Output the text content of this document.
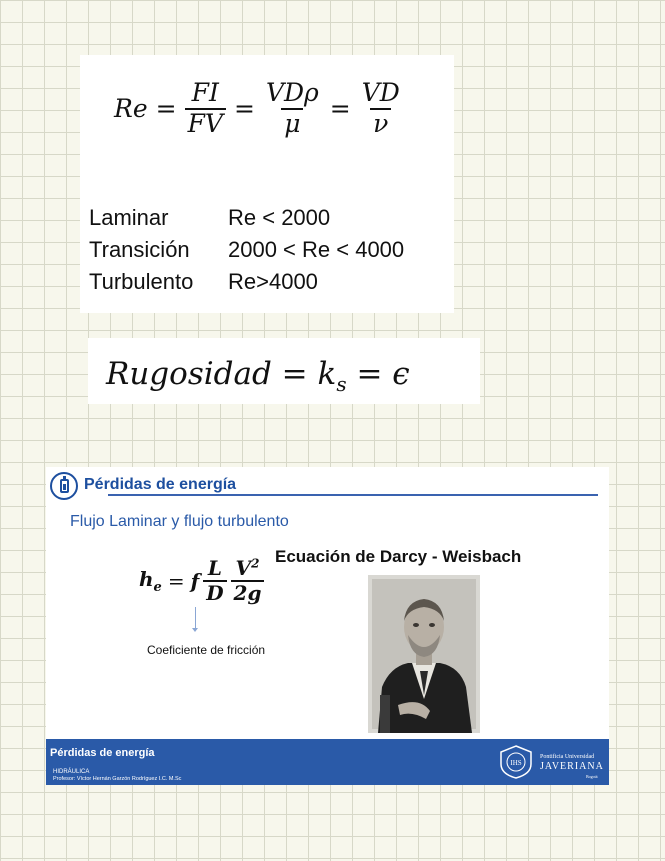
$Re = \frac{FI}{FV} = \frac{\text{VDρ}}{\mu} = \frac{VD}{\nu}$
Laminar	Re < 2000
Transición	2000 < Re < 4000
Turbulento	Re>4000
Rugosidad = $k_s = \epsilon$
Pérdidas de energía
Flujo Laminar y flujo turbulento
$h_e = f \frac{L}{D} \frac{V^2}{2g}$
Ecuación de Darcy - Weisbach
Coeficiente de fricción
Pérdidas de energía
HIDRÁULICA
Profesor: Víctor Hernán Garzón Rodríguez I.C. M.Sc
IHS
Pontificia Universidad
JAVERIANA
Bogotá
